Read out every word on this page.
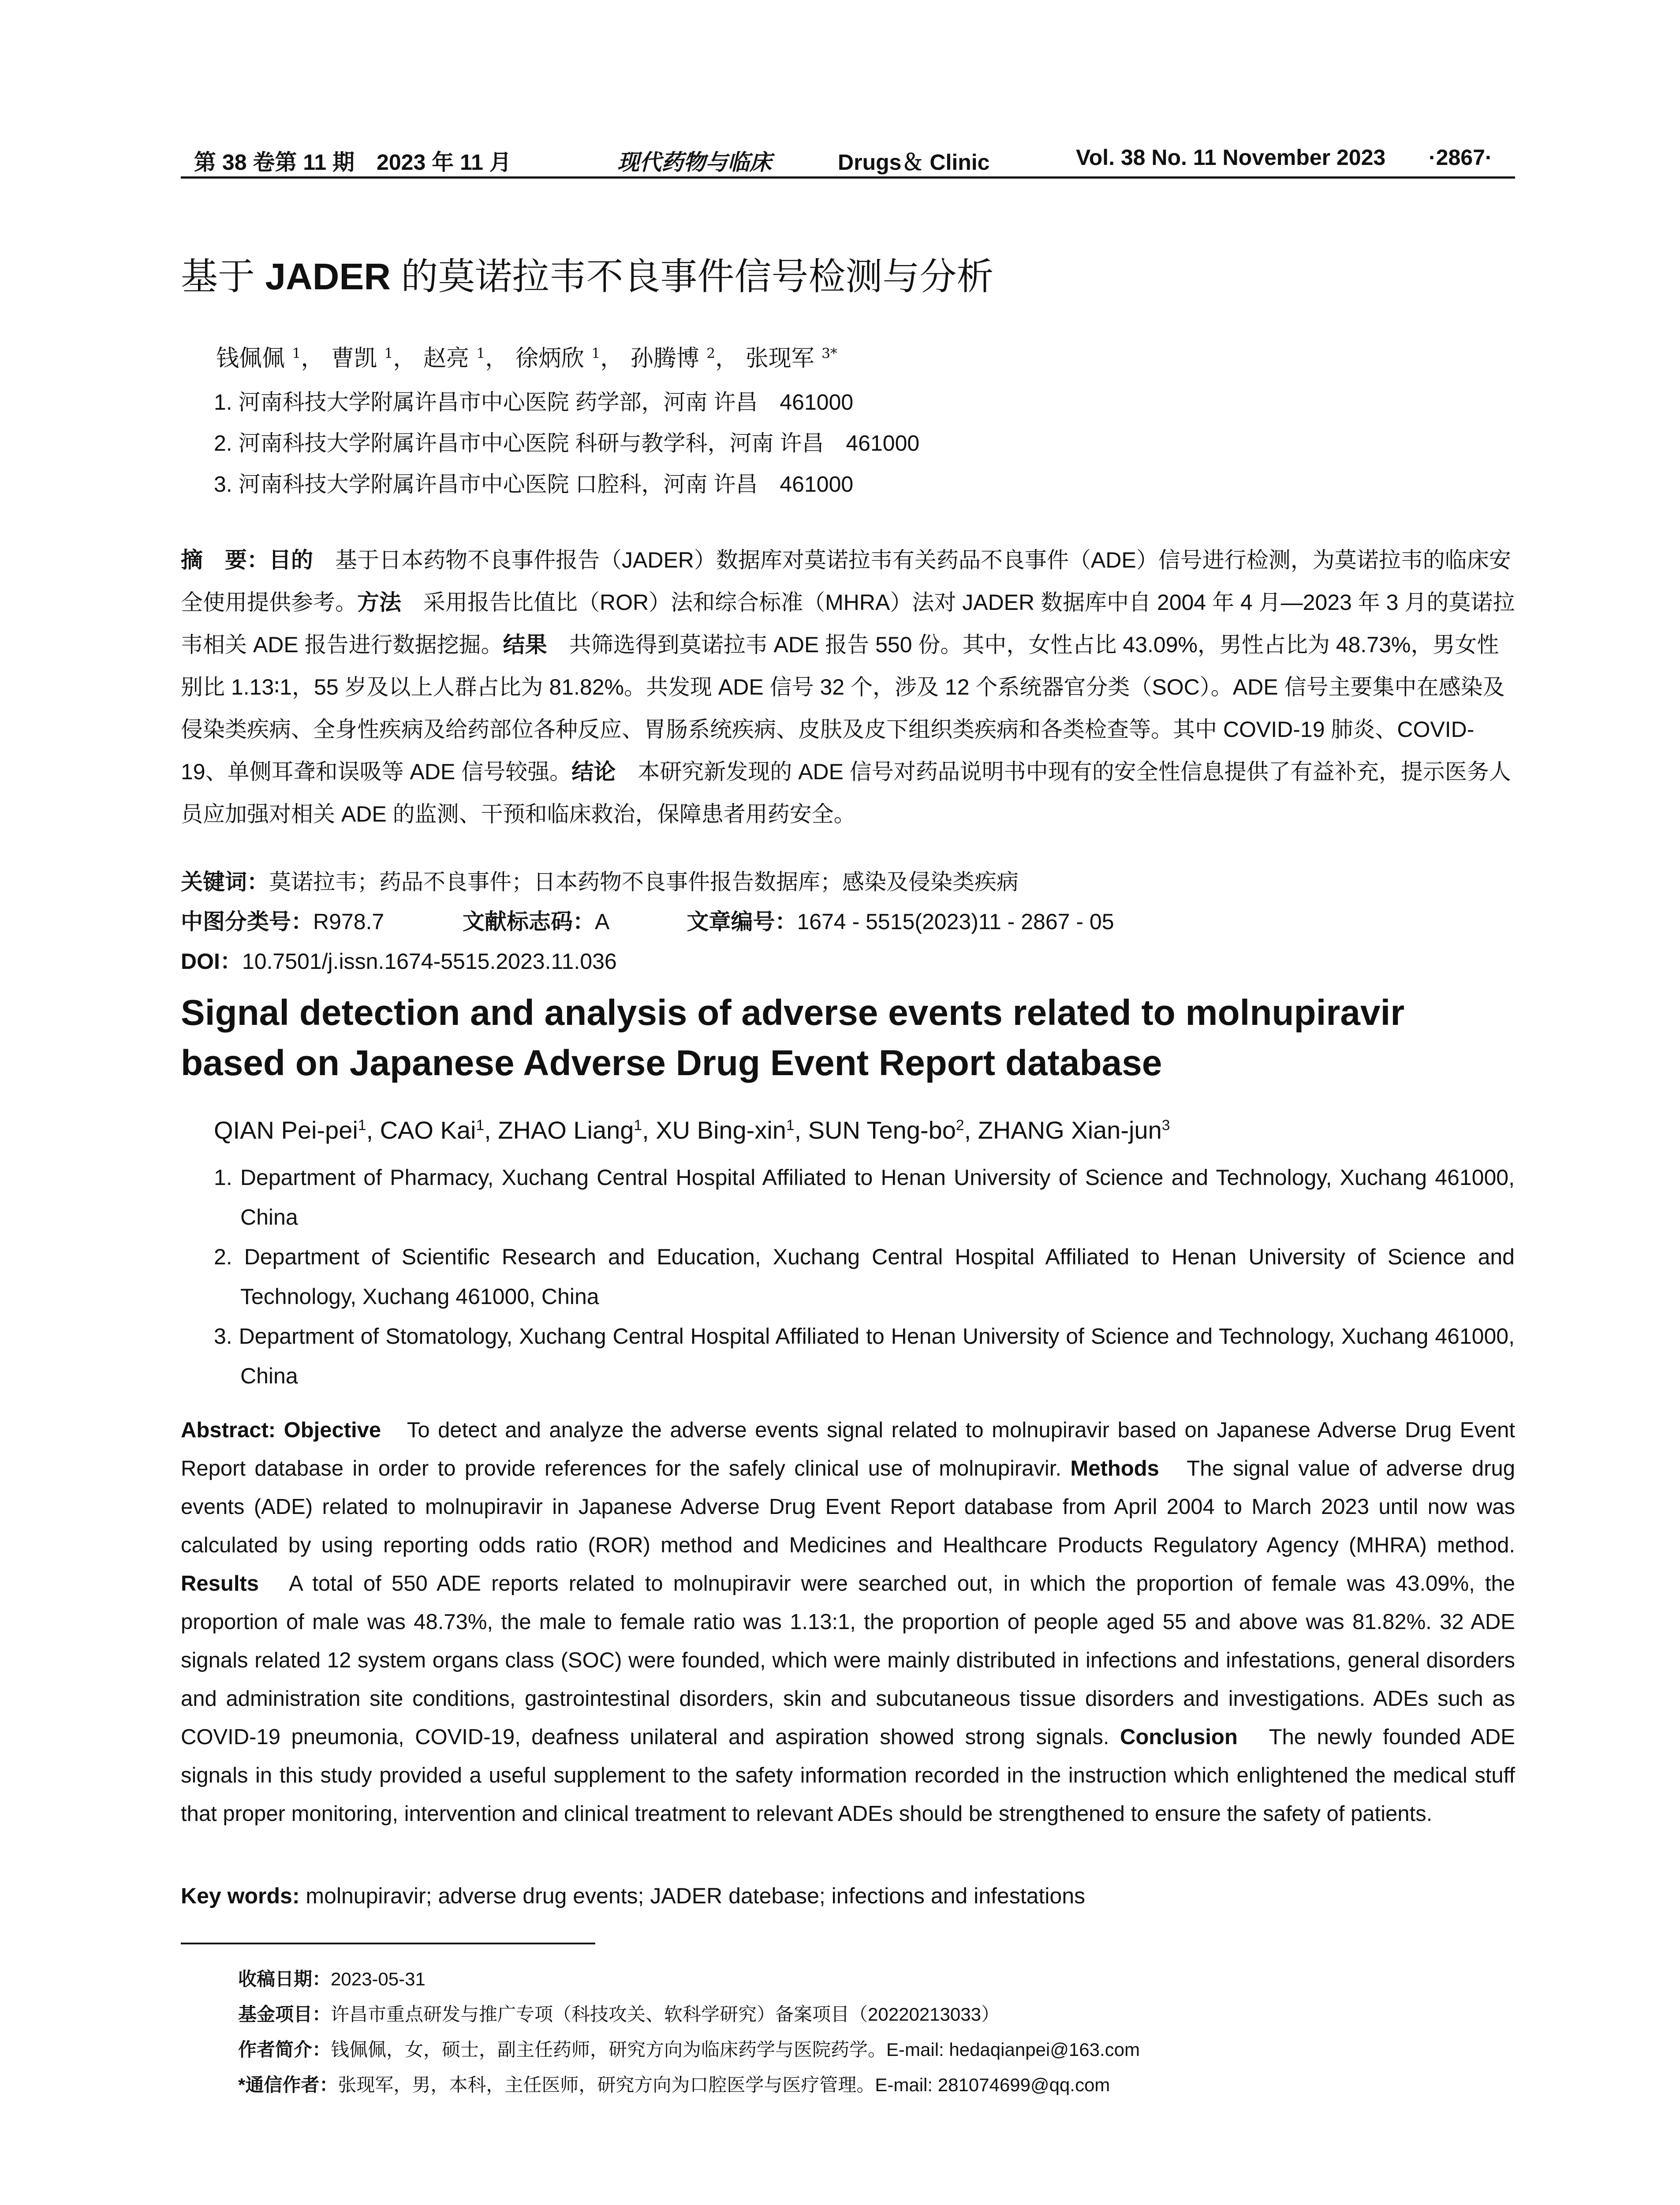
第 38 卷第 11 期　2023 年 11 月	现代药物与临床	Drugs＆ Clinic	Vol. 38 No. 11 November 2023 ·2867·
基于 JADER 的莫诺拉韦不良事件信号检测与分析
钱佩佩 $^1$， 曹凯 $^1$， 赵亮 $^1$， 徐炳欣 $^1$， 孙腾博 $^2$， 张现军 $^{3*}$
1. 河南科技大学附属许昌市中心医院 药学部，河南 许昌　461000
2. 河南科技大学附属许昌市中心医院 科研与教学科，河南 许昌　461000
3. 河南科技大学附属许昌市中心医院 口腔科，河南 许昌　461000
摘　要：目的　基于日本药物不良事件报告（JADER）数据库对莫诺拉韦有关药品不良事件（ADE）信号进行检测，为莫诺拉韦的临床安全使用提供参考。方法　采用报告比值比（ROR）法和综合标准（MHRA）法对 JADER 数据库中自 2004 年 4 月—2023 年 3 月的莫诺拉韦相关 ADE 报告进行数据挖掘。结果　共筛选得到莫诺拉韦 ADE 报告 550 份。其中，女性占比 43.09%，男性占比为 48.73%，男女性别比 1.13∶1，55 岁及以上人群占比为 81.82%。共发现 ADE 信号 32 个，涉及 12 个系统器官分类（SOC）。ADE 信号主要集中在感染及侵染类疾病、全身性疾病及给药部位各种反应、胃肠系统疾病、皮肤及皮下组织类疾病和各类检查等。其中 COVID-19 肺炎、COVID-19、单侧耳聋和误吸等 ADE 信号较强。结论　本研究新发现的 ADE 信号对药品说明书中现有的安全性信息提供了有益补充，提示医务人员应加强对相关 ADE 的监测、干预和临床救治，保障患者用药安全。
关键词：莫诺拉韦；药品不良事件；日本药物不良事件报告数据库；感染及侵染类疾病
中图分类号：R978.7	文献标志码：A	文章编号：1674 - 5515(2023)11 - 2867 - 05
DOI：10.7501/j.issn.1674-5515.2023.11.036
Signal detection and analysis of adverse events related to molnupiravir based on Japanese Adverse Drug Event Report database
QIAN Pei-pei$^1$, CAO Kai$^1$, ZHAO Liang$^1$, XU Bing-xin$^1$, SUN Teng-$bo^2$, ZHANG Xian-jun$^3$
1. Department of Pharmacy, Xuchang Central Hospital Affiliated to Henan University of Science and Technology, Xuchang 461000, China
2. Department of Scientific Research and Education, Xuchang Central Hospital Affiliated to Henan University of Science and Technology, Xuchang 461000, China
3. Department of Stomatology, Xuchang Central Hospital Affiliated to Henan University of Science and Technology, Xuchang 461000, China
Abstract: Objective　To detect and analyze the adverse events signal related to molnupiravir based on Japanese Adverse Drug Event Report database in order to provide references for the safely clinical use of molnupiravir. Methods　The signal value of adverse drug events (ADE) related to molnupiravir in Japanese Adverse Drug Event Report database from April 2004 to March 2023 until now was calculated by using reporting odds ratio (ROR) method and Medicines and Healthcare Products Regulatory Agency (MHRA) method. Results　A total of 550 ADE reports related to molnupiravir were searched out, in which the proportion of female was 43.09%, the proportion of male was 48.73%, the male to female ratio was 1.13:1, the proportion of people aged 55 and above was 81.82%. 32 ADE signals related 12 system organs class (SOC) were founded, which were mainly distributed in infections and infestations, general disorders and administration site conditions, gastrointestinal disorders, skin and subcutaneous tissue disorders and investigations. ADEs such as COVID-19 pneumonia, COVID-19, deafness unilateral and aspiration showed strong signals. Conclusion　The newly founded ADE signals in this study provided a useful supplement to the safety information recorded in the instruction which enlightened the medical stuff that proper monitoring, intervention and clinical treatment to relevant ADEs should be strengthened to ensure the safety of patients.
Key words: molnupiravir; adverse drug events; JADER datebase; infections and infestations
收稿日期：2023-05-31
基金项目：许昌市重点研发与推广专项（科技攻关、软科学研究）备案项目（20220213033）
作者简介：钱佩佩，女，硕士，副主任药师，研究方向为临床药学与医院药学。E-mail: hedaqianpei@163.com
*通信作者：张现军，男，本科，主任医师，研究方向为口腔医学与医疗管理。E-mail: 281074699@qq.com
